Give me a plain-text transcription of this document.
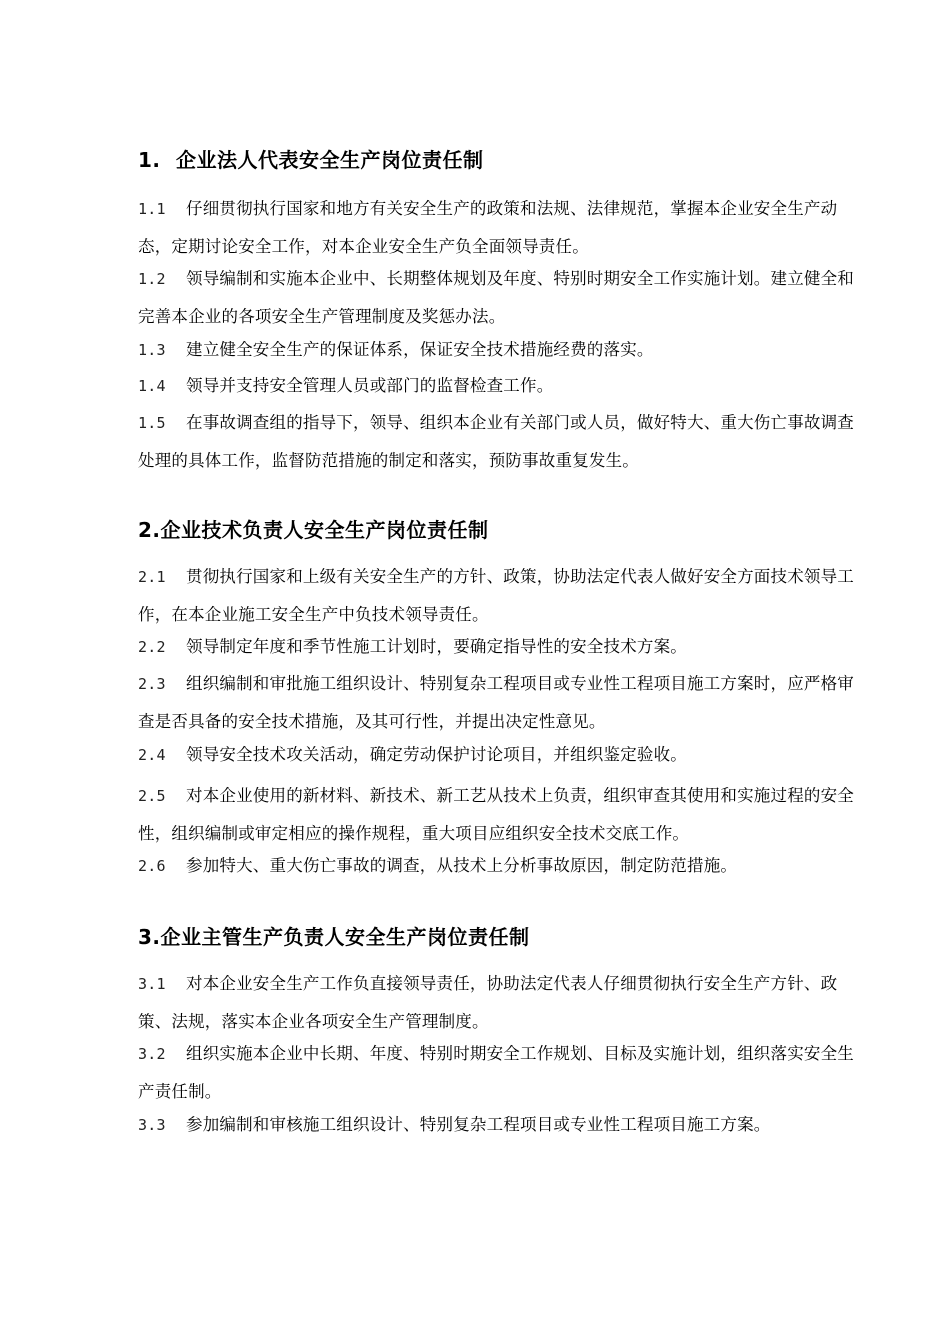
1. 企业法人代表安全生产岗位责任制
1.1 仔细贯彻执行国家和地方有关安全生产的政策和法规、法律规范，掌握本企业安全生产动态，定期讨论安全工作，对本企业安全生产负全面领导责任。
1.2 领导编制和实施本企业中、长期整体规划及年度、特别时期安全工作实施计划。建立健全和完善本企业的各项安全生产管理制度及奖惩办法。
1.3 建立健全安全生产的保证体系，保证安全技术措施经费的落实。
1.4 领导并支持安全管理人员或部门的监督检查工作。
1.5 在事故调查组的指导下，领导、组织本企业有关部门或人员，做好特大、重大伤亡事故调查处理的具体工作，监督防范措施的制定和落实，预防事故重复发生。
2.企业技术负责人安全生产岗位责任制
2.1 贯彻执行国家和上级有关安全生产的方针、政策，协助法定代表人做好安全方面技术领导工作，在本企业施工安全生产中负技术领导责任。
2.2 领导制定年度和季节性施工计划时，要确定指导性的安全技术方案。
2.3 组织编制和审批施工组织设计、特别复杂工程项目或专业性工程项目施工方案时，应严格审查是否具备的安全技术措施，及其可行性，并提出决定性意见。
2.4 领导安全技术攻关活动，确定劳动保护讨论项目，并组织鉴定验收。
2.5 对本企业使用的新材料、新技术、新工艺从技术上负责，组织审查其使用和实施过程的安全性，组织编制或审定相应的操作规程，重大项目应组织安全技术交底工作。
2.6 参加特大、重大伤亡事故的调查，从技术上分析事故原因，制定防范措施。
3.企业主管生产负责人安全生产岗位责任制
3.1 对本企业安全生产工作负直接领导责任，协助法定代表人仔细贯彻执行安全生产方针、政策、法规，落实本企业各项安全生产管理制度。
3.2 组织实施本企业中长期、年度、特别时期安全工作规划、目标及实施计划，组织落实安全生产责任制。
3.3 参加编制和审核施工组织设计、特别复杂工程项目或专业性工程项目施工方案。
